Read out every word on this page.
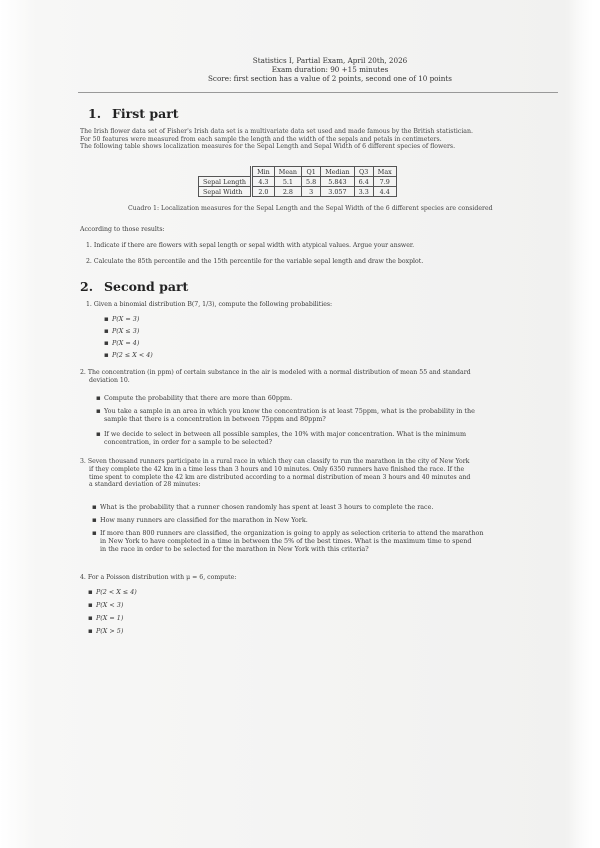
Statistics I, Partial Exam, April 20th, 2026
Exam duration: 90 +15 minutes
Score: first section has a value of 2 points, second one of 10 points
1. First part
The Irish flower data set of Fisher's Irish data set is a multivariate data set used and made famous by the British statistician.
For 50 features were measured from each sample the length and the width of the sepals and petals in centimeters.
The following table shows localization measures for the Sepal Length and Sepal Width of 6 different species of flowers.
	Min	Mean	Q1	Median	Q3	Max
Sepal Length	4.3	5.1	5.8	5.843	6.4	7.9
Sepal Width	2.0	2.8	3	3.057	3.3	4.4
Cuadro 1: Localization measures for the Sepal Length and the Sepal Width of the 6 different species are considered
According to those results:
1. Indicate if there are flowers with sepal length or sepal width with atypical values. Argue your answer.
2. Calculate the 85th percentile and the 15th percentile for the variable sepal length and draw the boxplot.
2. Second part
1. Given a binomial distribution B(7, 1/3), compute the following probabilities:
▪ P(X = 3)
▪ P(X ≤ 3)
▪ P(X = 4)
▪ P(2 ≤ X < 4)
2. The concentration (in ppm) of certain substance in the air is modeled with a normal distribution of mean 55 and standard
deviation 10.
▪ Compute the probability that there are more than 60ppm.
▪ You take a sample in an area in which you know the concentration is at least 75ppm, what is the probability in the
sample that there is a concentration in between 75ppm and 80ppm?
▪ If we decide to select in between all possible samples, the 10% with major concentration. What is the minimum
concentration, in order for a sample to be selected?
3. Seven thousand runners participate in a rural race in which they can classify to run the marathon in the city of New York
if they complete the 42 km in a time less than 3 hours and 10 minutes. Only 6350 runners have finished the race. If the
time spent to complete the 42 km are distributed according to a normal distribution of mean 3 hours and 40 minutes and
a standard deviation of 28 minutes:
▪ What is the probability that a runner chosen randomly has spent at least 3 hours to complete the race.
▪ How many runners are classified for the marathon in New York.
▪ If more than 800 runners are classified, the organization is going to apply as selection criteria to attend the marathon
in New York to have completed in a time in between the 5% of the best times. What is the maximum time to spend
in the race in order to be selected for the marathon in New York with this criteria?
4. For a Poisson distribution with μ = 6, compute:
▪ P(2 < X ≤ 4)
▪ P(X < 3)
▪ P(X = 1)
▪ P(X > 5)
